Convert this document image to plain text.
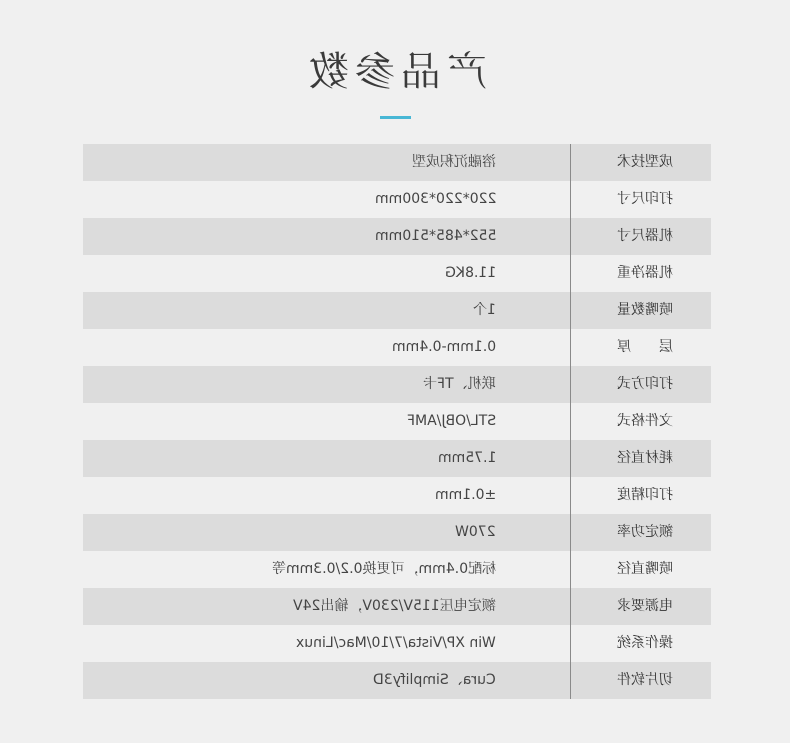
产品参数
溶融沉积成型	成型技术
220*220*300mm	打印尺寸
552*485*510mm	机器尺寸
11.8KG	机器净重
1个	喷嘴数量
0.1mm-0.4mm	层　　厚
联机、TF卡	打印方式
STL/OBJ/AMF	文件格式
1.75mm	耗材直径
±0.1mm	打印精度
270W	额定功率
标配0.4mm，可更换0.2/0.3mm等	喷嘴直径
额定电压115V/230V，输出24V	电源要求
Win XP/Vista/7/10/Mac/Linux	操作系统
Cura、Simplify3D	切片软件
